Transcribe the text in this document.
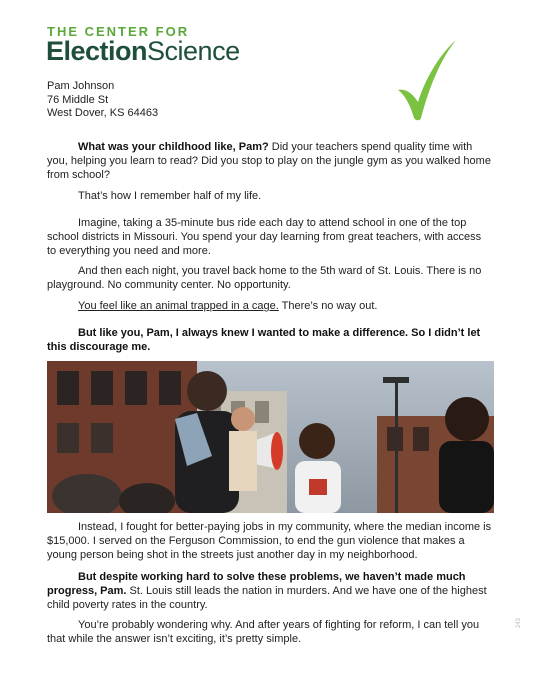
THE CENTER FOR
ElectionScience
Pam Johnson
76 Middle St
West Dover, KS 64463

What was your childhood like, Pam? Did your teachers spend quality time with you, helping you learn to read? Did you stop to play on the jungle gym as you walked home from school?

That’s how I remember half of my life.

Imagine, taking a 35-minute bus ride each day to attend school in one of the top school districts in Missouri. You spend your day learning from great teachers, with access to everything you need and more.

And then each night, you travel back home to the 5th ward of St. Louis. There is no playground. No community center. No opportunity.

You feel like an animal trapped in a cage. There’s no way out.

But like you, Pam, I always knew I wanted to make a difference. So I didn’t let this discourage me.

Instead, I fought for better-paying jobs in my community, where the median income is $15,000. I served on the Ferguson Commission, to end the gun violence that makes a young person being shot in the streets just another day in my neighborhood.

But despite working hard to solve these problems, we haven’t made much progress, Pam. St. Louis still leads the nation in murders. And we have one of the highest child poverty rates in the country.

You’re probably wondering why. And after years of fighting for reform, I can tell you that while the answer isn’t exciting, it’s pretty simple.

243
